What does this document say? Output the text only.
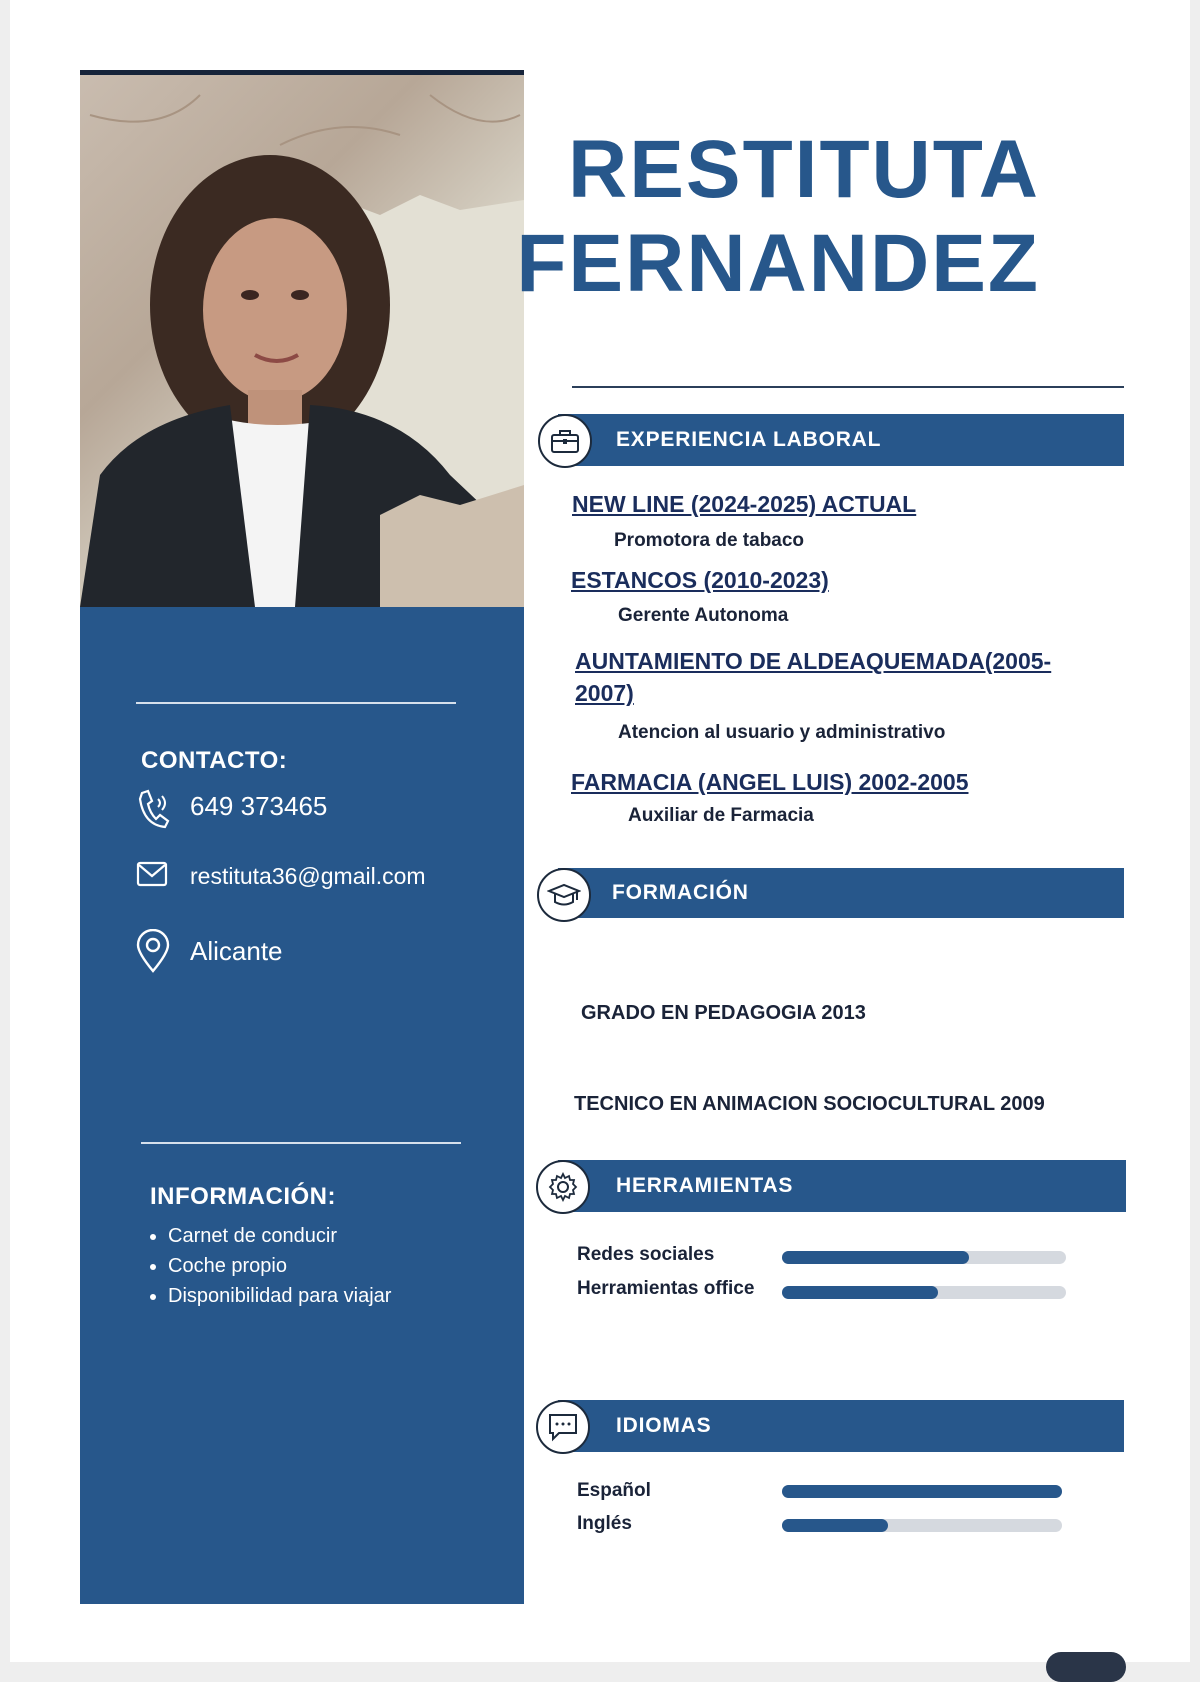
CONTACTO:
649 373465
restituta36@gmail.com
Alicante
INFORMACIÓN:
• Carnet de conducir
• Coche propio
• Disponibilidad para viajar
RESTITUTA
FERNANDEZ
EXPERIENCIA LABORAL
NEW LINE (2024-2025) ACTUAL
Promotora de tabaco
ESTANCOS (2010-2023)
Gerente Autonoma
AUNTAMIENTO DE ALDEAQUEMADA(2005-
2007)
Atencion al usuario y administrativo
FARMACIA (ANGEL LUIS) 2002-2005
Auxiliar de Farmacia
FORMACIÓN
GRADO EN PEDAGOGIA 2013
TECNICO EN ANIMACION SOCIOCULTURAL 2009
HERRAMIENTAS
Redes sociales
Herramientas office
IDIOMAS
Español
Inglés
